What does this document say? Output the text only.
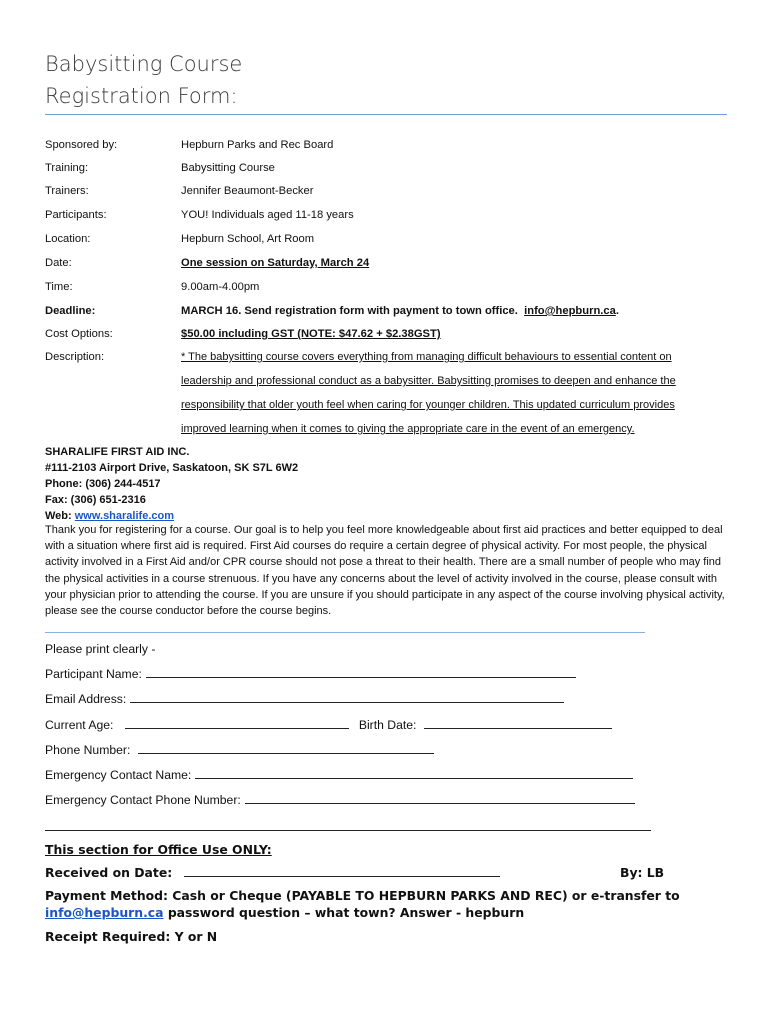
Babysitting Course
Registration Form:
Sponsored by:	Hepburn Parks and Rec Board
Training:	Babysitting Course
Trainers:	Jennifer Beaumont-Becker
Participants:	YOU! Individuals aged 11-18 years
Location:	Hepburn School, Art Room
Date:	One session on Saturday, March 24
Time:	9.00am-4.00pm
Deadline:	MARCH 16. Send registration form with payment to town office. info@hepburn.ca.
Cost Options:	$50.00 including GST (NOTE: $47.62 + $2.38GST)
Description:	* The babysitting course covers everything from managing difficult behaviours to essential content on
leadership and professional conduct as a babysitter. Babysitting promises to deepen and enhance the
responsibility that older youth feel when caring for younger children. This updated curriculum provides
improved learning when it comes to giving the appropriate care in the event of an emergency.
SHARALIFE FIRST AID INC.
#111-2103 Airport Drive, Saskatoon, SK S7L 6W2
Phone: (306) 244-4517
Fax: (306) 651-2316
Web: www.sharalife.com
Thank you for registering for a course. Our goal is to help you feel more knowledgeable about first aid practices and better equipped to deal with a situation where first aid is required. First Aid courses do require a certain degree of physical activity. For most people, the physical activity involved in a First Aid and/or CPR course should not pose a threat to their health. There are a small number of people who may find the physical activities in a course strenuous. If you have any concerns about the level of activity involved in the course, please consult with your physician prior to attending the course. If you are unsure if you should participate in any aspect of the course involving physical activity, please see the course conductor before the course begins.
Please print clearly -
Participant Name:
Email Address:
Current Age:	Birth Date:
Phone Number:
Emergency Contact Name:
Emergency Contact Phone Number:
This section for Office Use ONLY:
Received on Date:	By: LB
Payment Method: Cash or Cheque (PAYABLE TO HEPBURN PARKS AND REC) or e-transfer to
info@hepburn.ca password question – what town? Answer - hepburn
Receipt Required: Y or N
